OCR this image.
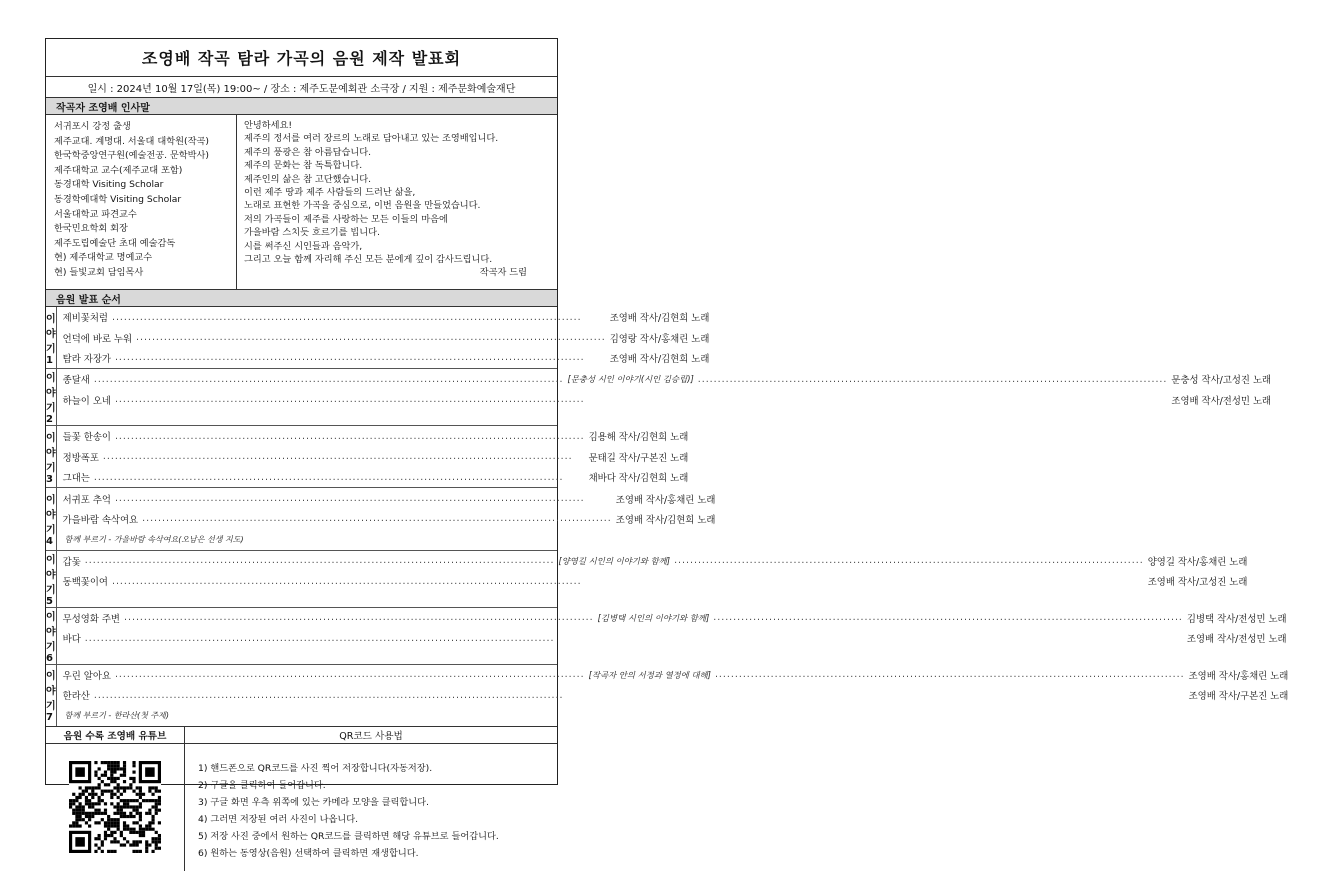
조영배 작곡 탐라 가곡의 음원 제작 발표회
일시 : 2024년 10월 17일(목) 19:00~ / 장소 : 제주도문예회관 소극장 / 지원 : 제주문화예술재단
작곡자 조영배 인사말
서귀포시 강정 출생
제주교대. 계명대. 서울대 대학원(작곡)
한국학중앙연구원(예술전공. 문학박사)
제주대학교 교수(제주교대 포함)
동경대학 Visiting Scholar
동경학예대학 Visiting Scholar
서울대학교 파견교수
한국민요학회 회장
제주도립예술단 초대 예술감독
현) 제주대학교 명예교수
현) 들빛교회 담임목사
안녕하세요!
제주의 정서를 여러 장르의 노래로 담아내고 있는 조영배입니다.
제주의 풍광은 참 아름답습니다.
제주의 문화는 참 독특합니다.
제주인의 삶은 참 고단했습니다.
이런 제주 땅과 제주 사람들의 드러난 삶을,
노래로 표현한 가곡을 중심으로, 이번 음원을 만들었습니다.
저의 가곡들이 제주를 사랑하는 모든 이들의 마음에
가을바람 스치듯 흐르기를 빕니다.
시를 써주신 시인들과 음악가,
그리고 오늘 함께 자리해 주신 모든 분에게 깊이 감사드립니다.
작곡자 드림
음원 발표 순서
이야기 1
제비꽃처럼 .....	조영배 작사/김현희 노래
언덕에 바로 누워 .....	김영랑 작사/홍채린 노래
탐라 자장가 .....	조영배 작사/김현희 노래
이야기 2
종달새 .....	[문충성 시인 이야기(시인 김승립)] .....	문충성 작사/고성진 노래
하늘이 오네 .....	조영배 작사/전성민 노래
이야기 3
들꽃 한송이 .....	김용해 작사/김현희 노래
정방폭포 .....	문태길 작사/구본진 노래
그대는 .....	채바다 작사/김현희 노래
이야기 4
서귀포 추억 .....	조영배 작사/홍채린 노래
가을바람 속삭여요 .....	조영배 작사/김현희 노래
함께 부르기 - 가을바람 속삭여요(오남은 선생 지도)
이야기 5
갑돛 .....	[양영길 시인의 이야기와 함께] .....	양영길 작사/홍채린 노래
동백꽃이여 .....	조영배 작사/고성진 노래
이야기 6
무성영화 주변 .....	[김병택 시인의 이야기와 함께] .....	김병택 작사/전성민 노래
바다 .....	조영배 작사/전성민 노래
이야기 7
우린 알아요 .....	[작곡자 안의 서정과 열정에 대해] .....	조영배 작사/홍채린 노래
한라산 .....	조영배 작사/구본진 노래
함께 부르기 - 한라산(첫 주제)
음원 수록 조영배 유튜브	QR코드 사용법
1) 핸드폰으로 QR코드를 사진 찍어 저장합니다(자동저장).
2) 구글을 클릭하여 들어갑니다.
3) 구글 화면 우측 위쪽에 있는 카메라 모양을 클릭합니다.
4) 그러면 저장된 여러 사진이 나옵니다.
5) 저장 사진 중에서 원하는 QR코드를 클릭하면 해당 유튜브로 들어갑니다.
6) 원하는 동영상(음원) 선택하여 클릭하면 재생합니다.
